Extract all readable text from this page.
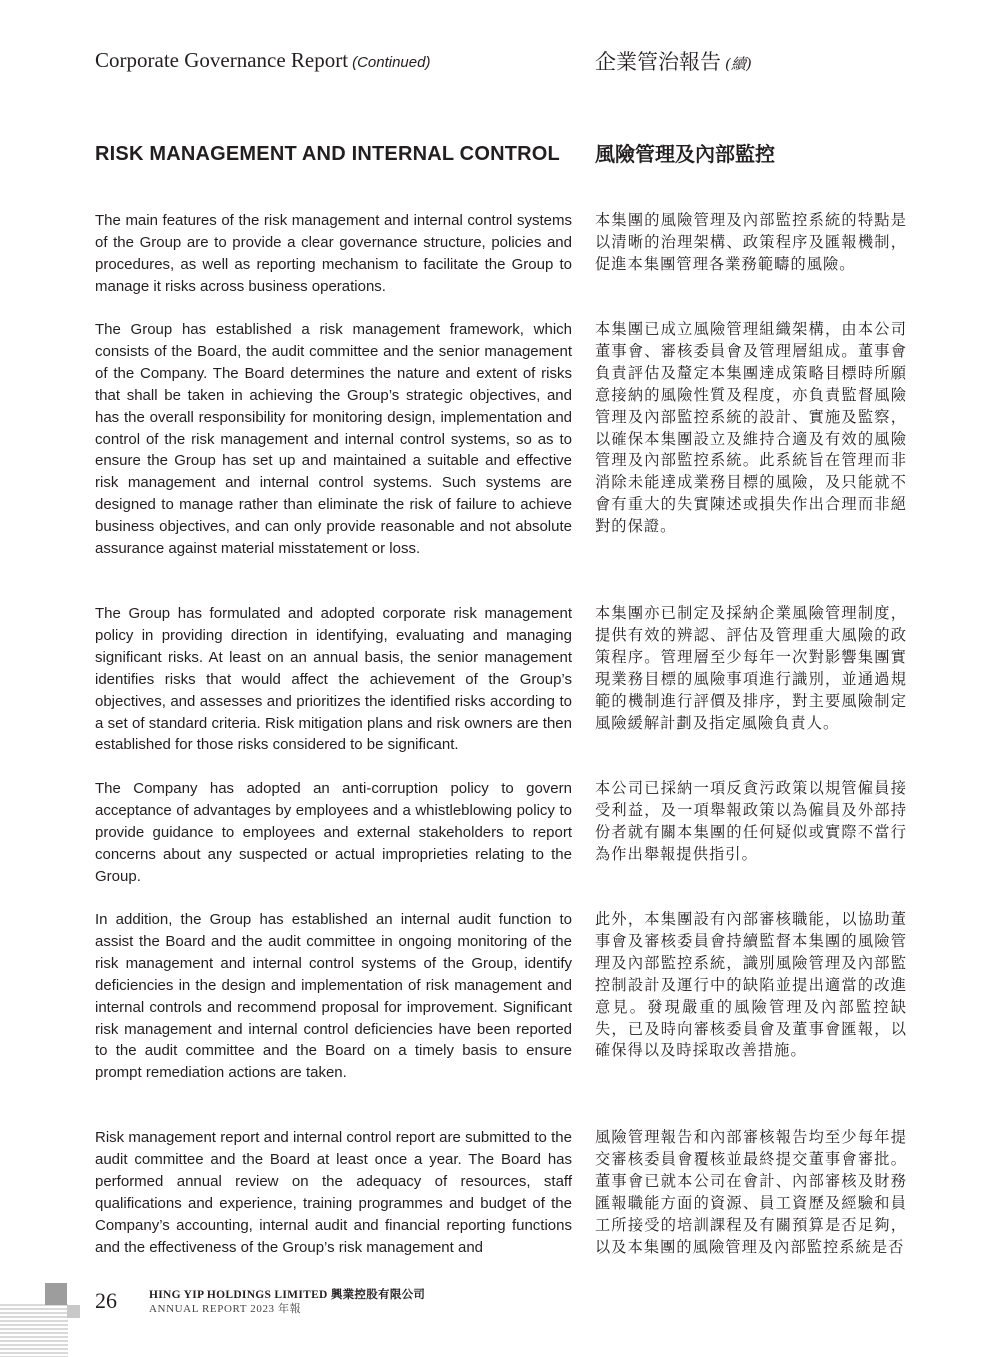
Corporate Governance Report (Continued)	企業管治報告 (續)
RISK MANAGEMENT AND INTERNAL CONTROL 風險管理及內部監控

The main features of the risk management and internal control systems of the Group are to provide a clear governance structure, policies and procedures, as well as reporting mechanism to facilitate the Group to manage it risks across business operations.

The Group has established a risk management framework, which consists of the Board, the audit committee and the senior management of the Company. The Board determines the nature and extent of risks that shall be taken in achieving the Group’s strategic objectives, and has the overall responsibility for monitoring design, implementation and control of the risk management and internal control systems, so as to ensure the Group has set up and maintained a suitable and effective risk management and internal control systems. Such systems are designed to manage rather than eliminate the risk of failure to achieve business objectives, and can only provide reasonable and not absolute assurance against material misstatement or loss.

The Group has formulated and adopted corporate risk management policy in providing direction in identifying, evaluating and managing significant risks. At least on an annual basis, the senior management identifies risks that would affect the achievement of the Group’s objectives, and assesses and prioritizes the identified risks according to a set of standard criteria. Risk mitigation plans and risk owners are then established for those risks considered to be significant.

The Company has adopted an anti-corruption policy to govern acceptance of advantages by employees and a whistleblowing policy to provide guidance to employees and external stakeholders to report concerns about any suspected or actual improprieties relating to the Group.

In addition, the Group has established an internal audit function to assist the Board and the audit committee in ongoing monitoring of the risk management and internal control systems of the Group, identify deficiencies in the design and implementation of risk management and internal controls and recommend proposal for improvement. Significant risk management and internal control deficiencies have been reported to the audit committee and the Board on a timely basis to ensure prompt remediation actions are taken.

Risk management report and internal control report are submitted to the audit committee and the Board at least once a year. The Board has performed annual review on the adequacy of resources, staff qualifications and experience, training programmes and budget of the Company’s accounting, internal audit and financial reporting functions and the effectiveness of the Group’s risk management and

本集團的風險管理及內部監控系統的特點是以清晰的治理架構、政策程序及匯報機制，促進本集團管理各業務範疇的風險。

本集團已成立風險管理組織架構，由本公司董事會、審核委員會及管理層組成。董事會負責評估及釐定本集團達成策略目標時所願意接納的風險性質及程度，亦負責監督風險管理及內部監控系統的設計、實施及監察，以確保本集團設立及維持合適及有效的風險管理及內部監控系統。此系統旨在管理而非消除未能達成業務目標的風險，及只能就不會有重大的失實陳述或損失作出合理而非絕對的保證。

本集團亦已制定及採納企業風險管理制度，提供有效的辨認、評估及管理重大風險的政策程序。管理層至少每年一次對影響集團實現業務目標的風險事項進行識別，並通過規範的機制進行評價及排序，對主要風險制定風險緩解計劃及指定風險負責人。

本公司已採納一項反貪污政策以規管僱員接受利益，及一項舉報政策以為僱員及外部持份者就有關本集團的任何疑似或實際不當行為作出舉報提供指引。

此外，本集團設有內部審核職能，以協助董事會及審核委員會持續監督本集團的風險管理及內部監控系統，識別風險管理及內部監控制設計及運行中的缺陷並提出適當的改進意見。發現嚴重的風險管理及內部監控缺失，已及時向審核委員會及董事會匯報，以確保得以及時採取改善措施。

風險管理報告和內部審核報告均至少每年提交審核委員會覆核並最終提交董事會審批。董事會已就本公司在會計、內部審核及財務匯報職能方面的資源、員工資歷及經驗和員工所接受的培訓課程及有關預算是否足夠，以及本集團的風險管理及內部監控系統是否

26	HING YIP HOLDINGS LIMITED 興業控股有限公司
ANNUAL REPORT 2023 年報
